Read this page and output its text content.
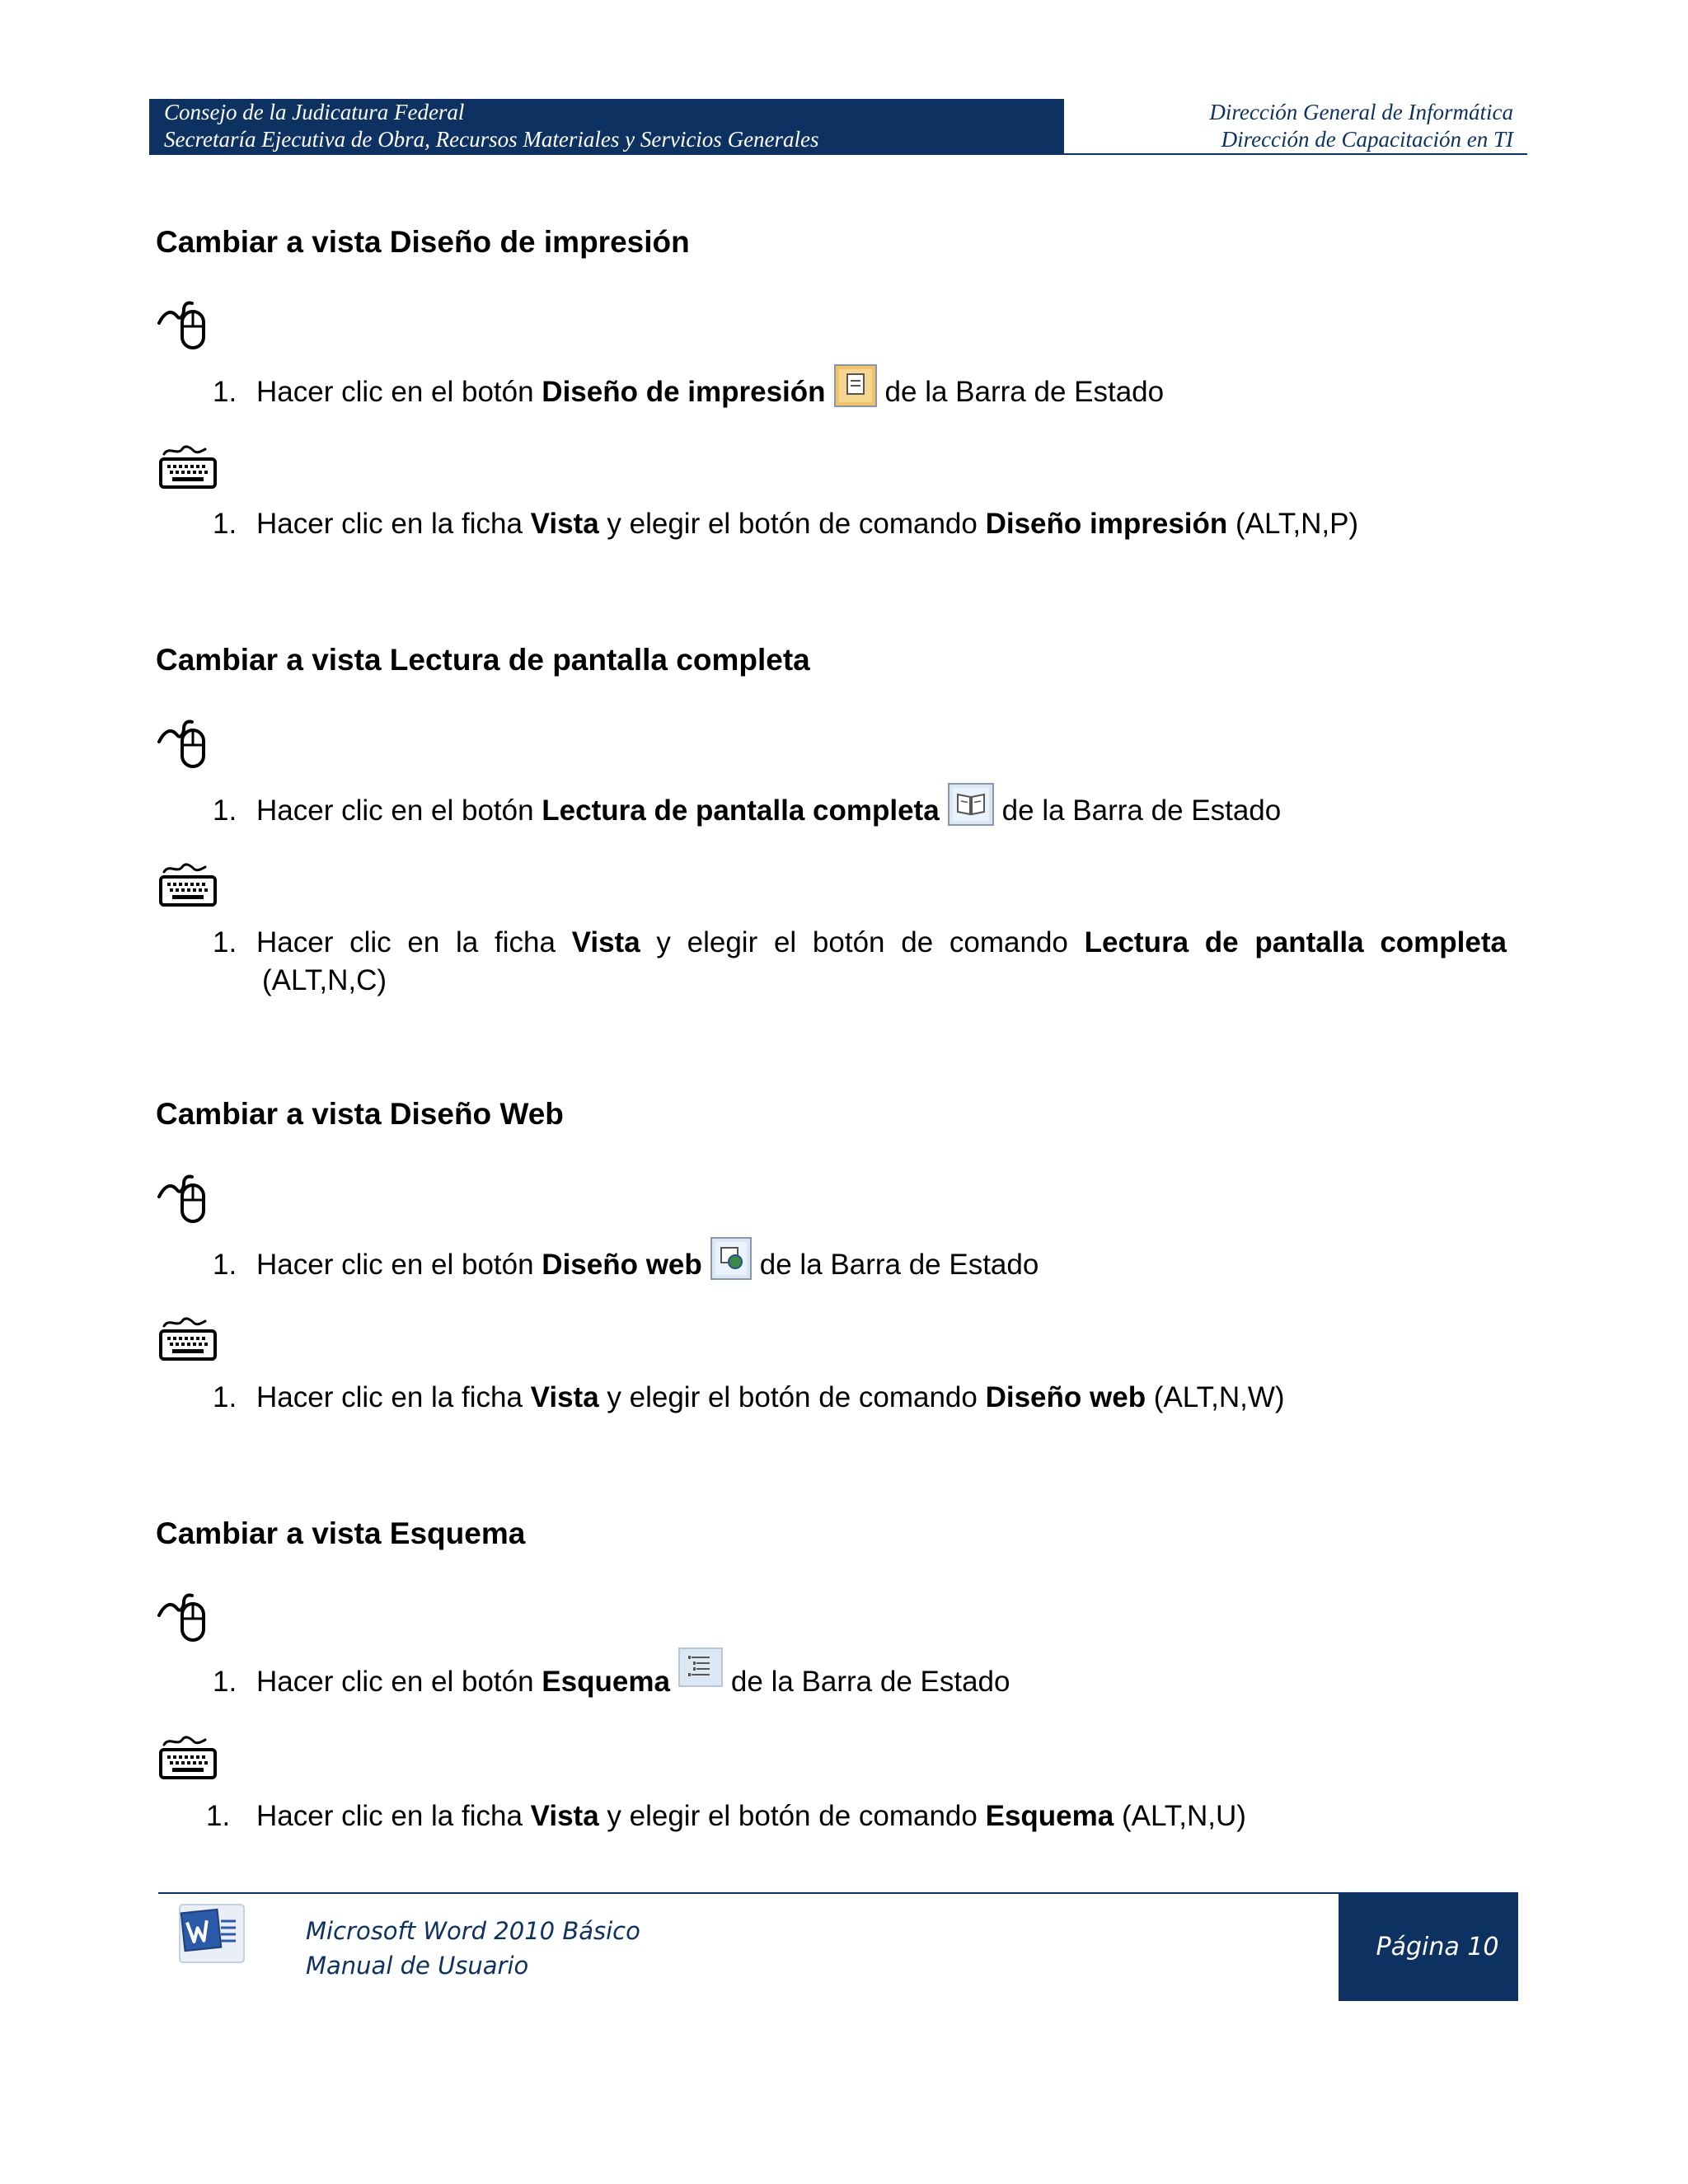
Consejo de la Judicatura Federal
Secretaría Ejecutiva de Obra, Recursos Materiales y Servicios Generales
Dirección General de Informática
Dirección de Capacitación en TI
Cambiar a vista Diseño de impresión
1. Hacer clic en el botón Diseño de impresión de la Barra de Estado
1. Hacer clic en la ficha Vista y elegir el botón de comando Diseño impresión (ALT,N,P)
Cambiar a vista Lectura de pantalla completa
1. Hacer clic en el botón Lectura de pantalla completa de la Barra de Estado
1. Hacer clic en la ficha Vista y elegir el botón de comando Lectura de pantalla completa
(ALT,N,C)
Cambiar a vista Diseño Web
1. Hacer clic en el botón Diseño web de la Barra de Estado
1. Hacer clic en la ficha Vista y elegir el botón de comando Diseño web (ALT,N,W)
Cambiar a vista Esquema
1. Hacer clic en el botón Esquema de la Barra de Estado
1. Hacer clic en la ficha Vista y elegir el botón de comando Esquema (ALT,N,U)
Microsoft Word 2010 Básico
Manual de Usuario
Página 10
